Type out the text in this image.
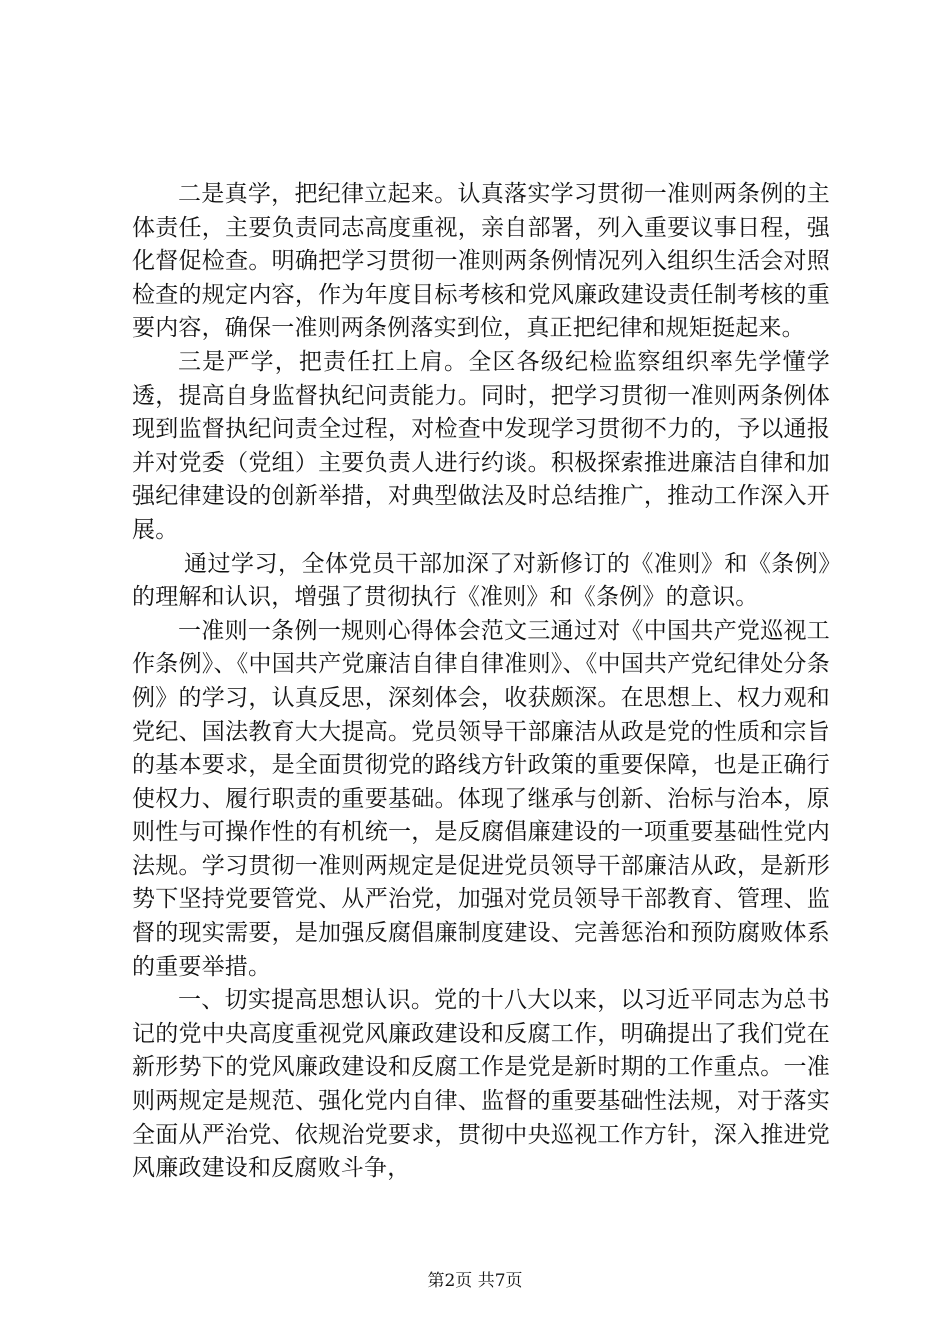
二是真学，把纪律立起来。认真落实学习贯彻一准则两条例的主体责任，主要负责同志高度重视，亲自部署，列入重要议事日程，强化督促检查。明确把学习贯彻一准则两条例情况列入组织生活会对照检查的规定内容，作为年度目标考核和党风廉政建设责任制考核的重要内容，确保一准则两条例落实到位，真正把纪律和规矩挺起来。

三是严学，把责任扛上肩。全区各级纪检监察组织率先学懂学透，提高自身监督执纪问责能力。同时，把学习贯彻一准则两条例体现到监督执纪问责全过程，对检查中发现学习贯彻不力的，予以通报并对党委（党组）主要负责人进行约谈。积极探索推进廉洁自律和加强纪律建设的创新举措，对典型做法及时总结推广，推动工作深入开展。

通过学习，全体党员干部加深了对新修订的《准则》和《条例》的理解和认识，增强了贯彻执行《准则》和《条例》的意识。

一准则一条例一规则心得体会范文三通过对《中国共产党巡视工作条例》、《中国共产党廉洁自律自律准则》、《中国共产党纪律处分条例》的学习，认真反思，深刻体会，收获颇深。在思想上、权力观和党纪、国法教育大大提高。党员领导干部廉洁从政是党的性质和宗旨的基本要求，是全面贯彻党的路线方针政策的重要保障，也是正确行使权力、履行职责的重要基础。体现了继承与创新、治标与治本，原则性与可操作性的有机统一，是反腐倡廉建设的一项重要基础性党内法规。学习贯彻一准则两规定是促进党员领导干部廉洁从政，是新形势下坚持党要管党、从严治党，加强对党员领导干部教育、管理、监督的现实需要，是加强反腐倡廉制度建设、完善惩治和预防腐败体系的重要举措。

一、切实提高思想认识。党的十八大以来，以习近平同志为总书记的党中央高度重视党风廉政建设和反腐工作，明确提出了我们党在新形势下的党风廉政建设和反腐工作是党是新时期的工作重点。一准则两规定是规范、强化党内自律、监督的重要基础性法规，对于落实全面从严治党、依规治党要求，贯彻中央巡视工作方针，深入推进党风廉政建设和反腐败斗争，

第2页 共7页
